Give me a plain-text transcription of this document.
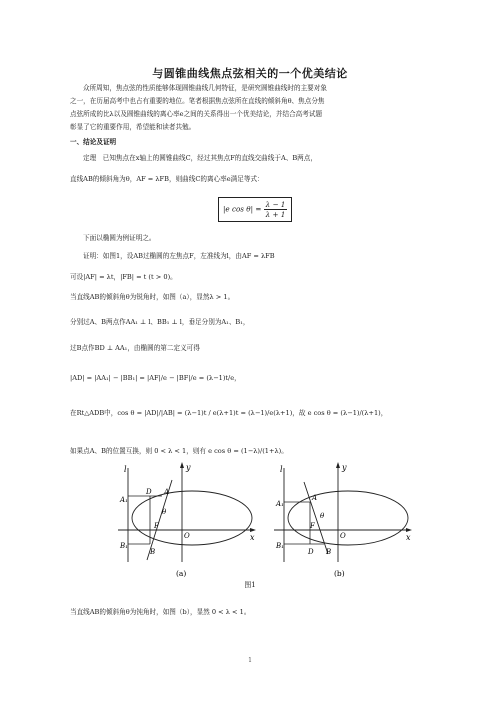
与圆锥曲线焦点弦相关的一个优美结论
众所周知，焦点弦的性质能够体现圆锥曲线几何特征，是研究圆锥曲线时的主要对象
之一，在历届高考中也占有重要的地位。笔者根据焦点弦所在直线的倾斜角θ、焦点分焦
点弦所成的比λ以及圆锥曲线的离心率e之间的关系得出一个优美结论，并结合高考试题
彰显了它的重要作用，希望能和读者共勉。
一、结论及证明
定理　已知焦点在x轴上的圆锥曲线C，经过其焦点F的直线交曲线于A、B两点，
直线AB的倾斜角为θ，AF = λFB，则曲线C的离心率e满足等式：
|e $\cos \theta| = \frac{\lambda - 1}{\lambda + 1}$
下面以椭圆为例证明之。
证明：如图1，设AB过椭圆的左焦点F，左准线为l，由AF = λFB
可设|AF| = λt，|FB| = t (t > 0)。
当直线AB的倾斜角θ为锐角时，如图（a），显然λ > 1。
分别过A、B两点作AA₁ ⊥ l、BB₁ ⊥ l，垂足分别为A₁、B₁，
过B点作BD ⊥ AA₁，由椭圆的第二定义可得
|AD| = |AA₁| − |BB₁| = |AF|/e − |BF|/e = (λ−1)t/e，
在Rt△ADB中，cos θ = |AD|/|AB| = (λ−1)t / e(λ+1)t = (λ−1)/e(λ+1)，故 e cos θ = (λ−1)/(λ+1)，
如果点A、B的位置互换，则 0 < λ < 1，则有 e cos θ = (1−λ)/(1+λ)。
l	y
x
A₁
D A
θ
F
O
B₁
B
(a)
l	y
x
A₁
A
θ
F
O
B₁
D B
(b)
图1
当直线AB的倾斜角θ为钝角时，如图（b），显然 0 < λ < 1。
1
